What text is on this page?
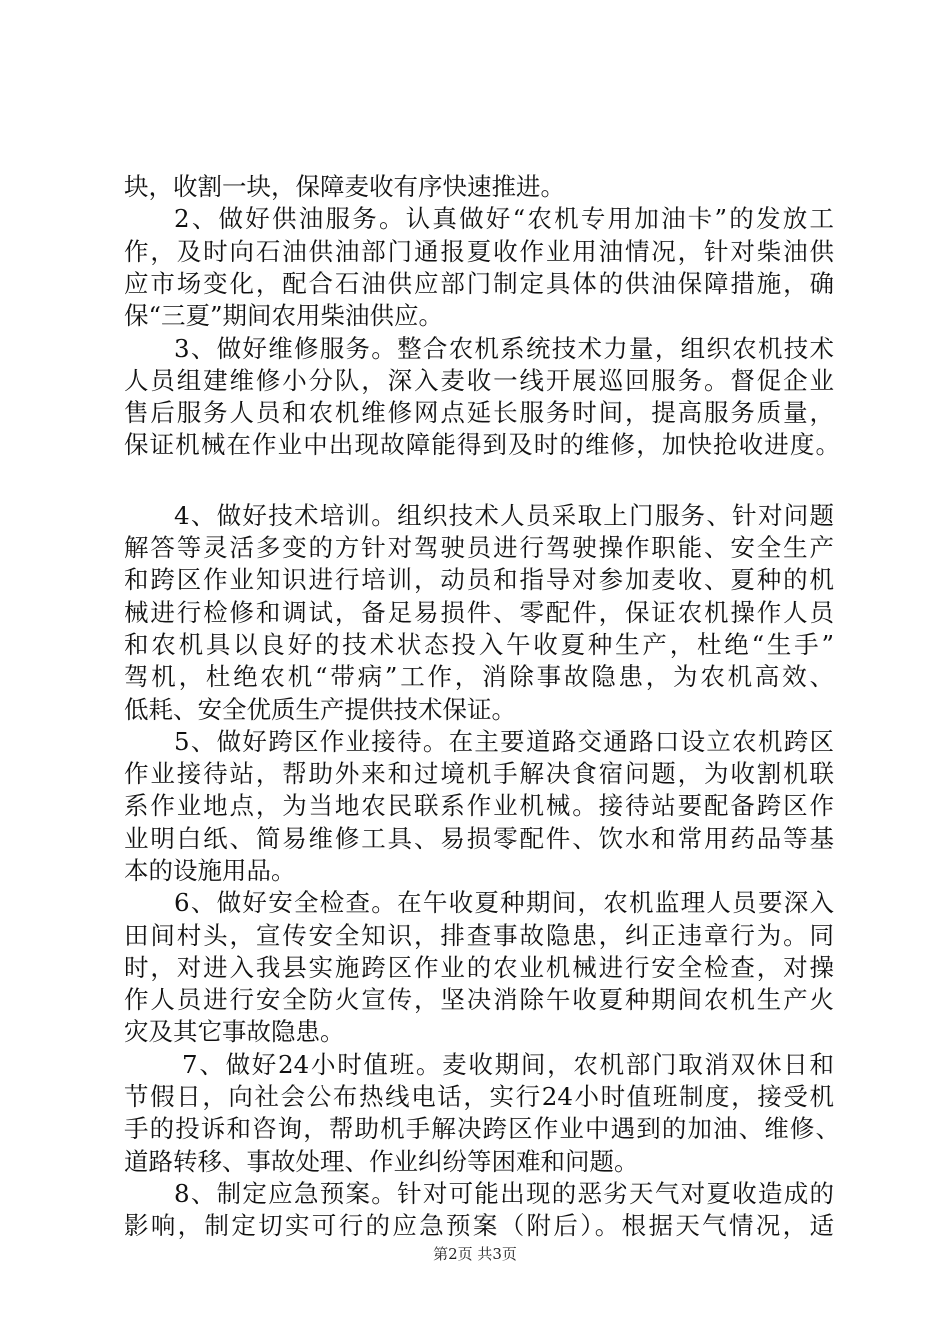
块，收割一块，保障麦收有序快速推进。
2、做好供油服务。认真做好“农机专用加油卡”的发放工
作，及时向石油供油部门通报夏收作业用油情况，针对柴油供
应市场变化，配合石油供应部门制定具体的供油保障措施，确
保“三夏”期间农用柴油供应。
3、做好维修服务。整合农机系统技术力量，组织农机技术
人员组建维修小分队，深入麦收一线开展巡回服务。督促企业
售后服务人员和农机维修网点延长服务时间，提高服务质量，
保证机械在作业中出现故障能得到及时的维修，加快抢收进度。
4、做好技术培训。组织技术人员采取上门服务、针对问题
解答等灵活多变的方针对驾驶员进行驾驶操作职能、安全生产
和跨区作业知识进行培训，动员和指导对参加麦收、夏种的机
械进行检修和调试，备足易损件、零配件，保证农机操作人员
和农机具以良好的技术状态投入午收夏种生产，杜绝“生手”
驾机，杜绝农机“带病”工作，消除事故隐患，为农机高效、
低耗、安全优质生产提供技术保证。
5、做好跨区作业接待。在主要道路交通路口设立农机跨区
作业接待站，帮助外来和过境机手解决食宿问题，为收割机联
系作业地点，为当地农民联系作业机械。接待站要配备跨区作
业明白纸、简易维修工具、易损零配件、饮水和常用药品等基
本的设施用品。
6、做好安全检查。在午收夏种期间，农机监理人员要深入
田间村头，宣传安全知识，排查事故隐患，纠正违章行为。同
时，对进入我县实施跨区作业的农业机械进行安全检查，对操
作人员进行安全防火宣传，坚决消除午收夏种期间农机生产火
灾及其它事故隐患。
7、做好24小时值班。麦收期间，农机部门取消双休日和
节假日，向社会公布热线电话，实行24小时值班制度，接受机
手的投诉和咨询，帮助机手解决跨区作业中遇到的加油、维修、
道路转移、事故处理、作业纠纷等困难和问题。
8、制定应急预案。针对可能出现的恶劣天气对夏收造成的
影响，制定切实可行的应急预案（附后）。根据天气情况，适
第2页 共3页
